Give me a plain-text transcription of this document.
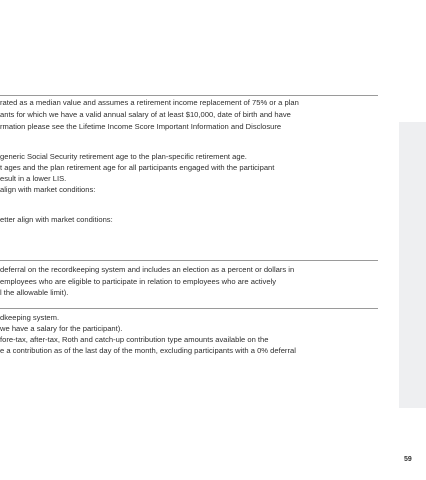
rated as a median value and assumes a retirement income replacement of 75% or a plan
ants for which we have a valid annual salary of at least $10,000, date of birth and have
rmation please see the Lifetime Income Score Important Information and Disclosure
generic Social Security retirement age to the plan-specific retirement age.
t ages and the plan retirement age for all participants engaged with the participant
esult in a lower LIS.
align with market conditions:
etter align with market conditions:
deferral on the recordkeeping system and includes an election as a percent or dollars in
employees who are eligible to participate in relation to employees who are actively
l the allowable limit).
dkeeping system.
we have a salary for the participant).
fore-tax, after-tax, Roth and catch-up contribution type amounts available on the
e a contribution as of the last day of the month, excluding participants with a 0% deferral
59
